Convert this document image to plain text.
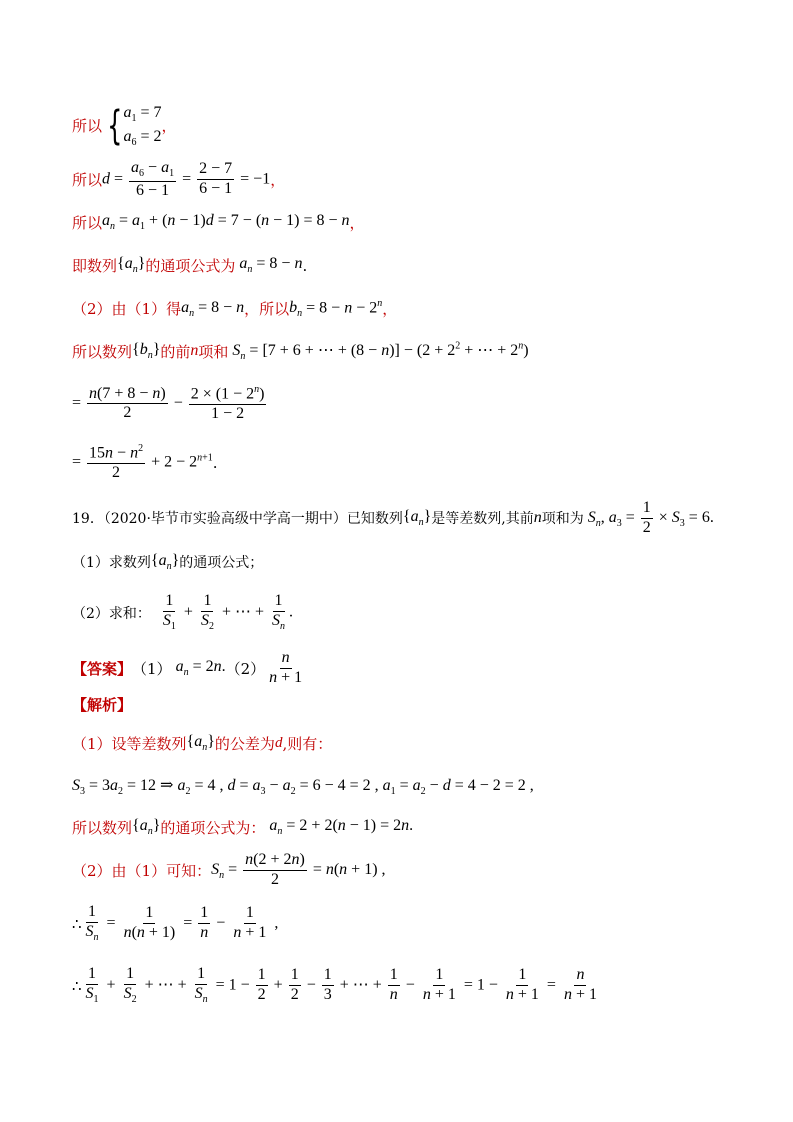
所以 { $a_1 = 7$
$a_6 = 2$
，
所以 $d = \frac{a_6 - a_1}{6 - 1} = \frac{2 - 7}{6 - 1} = -1$ ，
所以 $a_n = a_1 + (n - 1)d = 7 - (n - 1) = 8 - n$ ，
即数列 $\{a_n\}$ 的通项公式为 $a_n = 8 - n$ .
（2）由（1）得 $a_n = 8 - n$ ，所以 $b_n = 8 - n - 2^n$ ，
所以数列 $\{b_n\}$ 的前 n 项和 $S_n = [7 + 6$ + ⋯ + $(8 - n)] - (2 + 2^2$ + ⋯ + $2^n$)
= $\frac{n(7 + 8 - n)}{2} - \frac{2 \times (1 - 2^n)}{1 - 2}$
= $\frac{15n - n^2}{2} + 2 - 2^{n+1}$ .
19．（2020·毕节市实验高级中学高一期中）已知数列 $\{a_n\}$ 是等差数列,其前 n 项和为 $S_n$, $a_3 = \frac{1}{2} \times S_3 = 6$.
（1）求数列 $\{a_n\}$ 的通项公式；
（2）求和：
$\frac{1}{S_1} + \frac{1}{S_2}$ + ⋯ + $\frac{1}{S_n}$ .
【答案】 （1） $a_n = 2n$. $(2) \frac{n}{n + 1}$
【解析】
（1）设等差数列 $\{a_n\}$ 的公差为 d ,则有：
$S_3 = 3a_2 = 12$ ⇒ $a_2 = 4$ , $d = a_3 - a_2 = 6 - 4 = 2$ , $a_1 = a_2 - d = 4 - 2 = 2$ ,
所以数列 $\{a_n\}$ 的通项公式为： $a_n = 2 + 2(n - 1) = 2n$.
（2）由（1）可知： $S_n = \frac{n(2 + 2n)}{2} = n(n + 1)$ ,
∴ $\frac{1}{S_n} = \frac{1}{n(n + 1)} = \frac{1}{n} - \frac{1}{n + 1}$ ,
∴ $\frac{1}{S_1} + \frac{1}{S_2}$ + ⋯ + $\frac{1}{S_n} = 1 - \frac{1}{2} + \frac{1}{2} - \frac{1}{3}$ + ⋯ + $\frac{1}{n} - \frac{1}{n + 1} = 1 - \frac{1}{n + 1} = \frac{n}{n + 1}$
